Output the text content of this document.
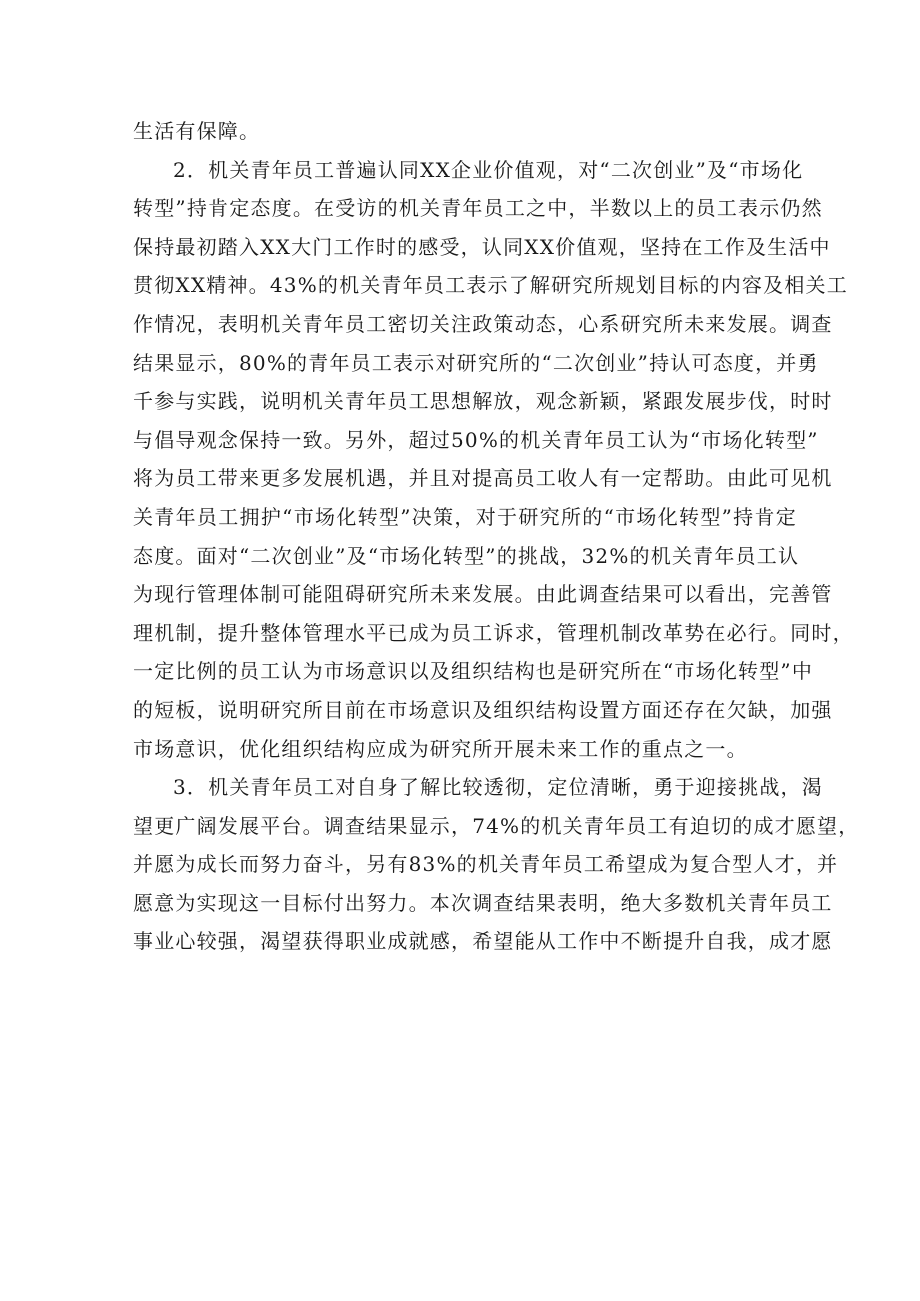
生活有保障。
2．机关青年员工普遍认同XX企业价值观，对“二次创业”及“市场化
转型”持肯定态度。在受访的机关青年员工之中，半数以上的员工表示仍然
保持最初踏入XX大门工作时的感受，认同XX价值观，坚持在工作及生活中
贯彻XX精神。43%的机关青年员工表示了解研究所规划目标的内容及相关工
作情况，表明机关青年员工密切关注政策动态，心系研究所未来发展。调查
结果显示，80%的青年员工表示对研究所的“二次创业”持认可态度，并勇
千参与实践，说明机关青年员工思想解放，观念新颖，紧跟发展步伐，时时
与倡导观念保持一致。另外，超过50%的机关青年员工认为“市场化转型”
将为员工带来更多发展机遇，并且对提高员工收人有一定帮助。由此可见机
关青年员工拥护“市场化转型”决策，对于研究所的“市场化转型”持肯定
态度。面对“二次创业”及“市场化转型”的挑战，32%的机关青年员工认
为现行管理体制可能阻碍研究所未来发展。由此调查结果可以看出，完善管
理机制，提升整体管理水平已成为员工诉求，管理机制改革势在必行。同时，
一定比例的员工认为市场意识以及组织结构也是研究所在“市场化转型”中
的短板，说明研究所目前在市场意识及组织结构设置方面还存在欠缺，加强
市场意识，优化组织结构应成为研究所开展未来工作的重点之一。
3．机关青年员工对自身了解比较透彻，定位清晰，勇于迎接挑战，渴
望更广阔发展平台。调查结果显示，74%的机关青年员工有迫切的成才愿望，
并愿为成长而努力奋斗，另有83%的机关青年员工希望成为复合型人才，并
愿意为实现这一目标付出努力。本次调查结果表明，绝大多数机关青年员工
事业心较强，渴望获得职业成就感，希望能从工作中不断提升自我，成才愿
